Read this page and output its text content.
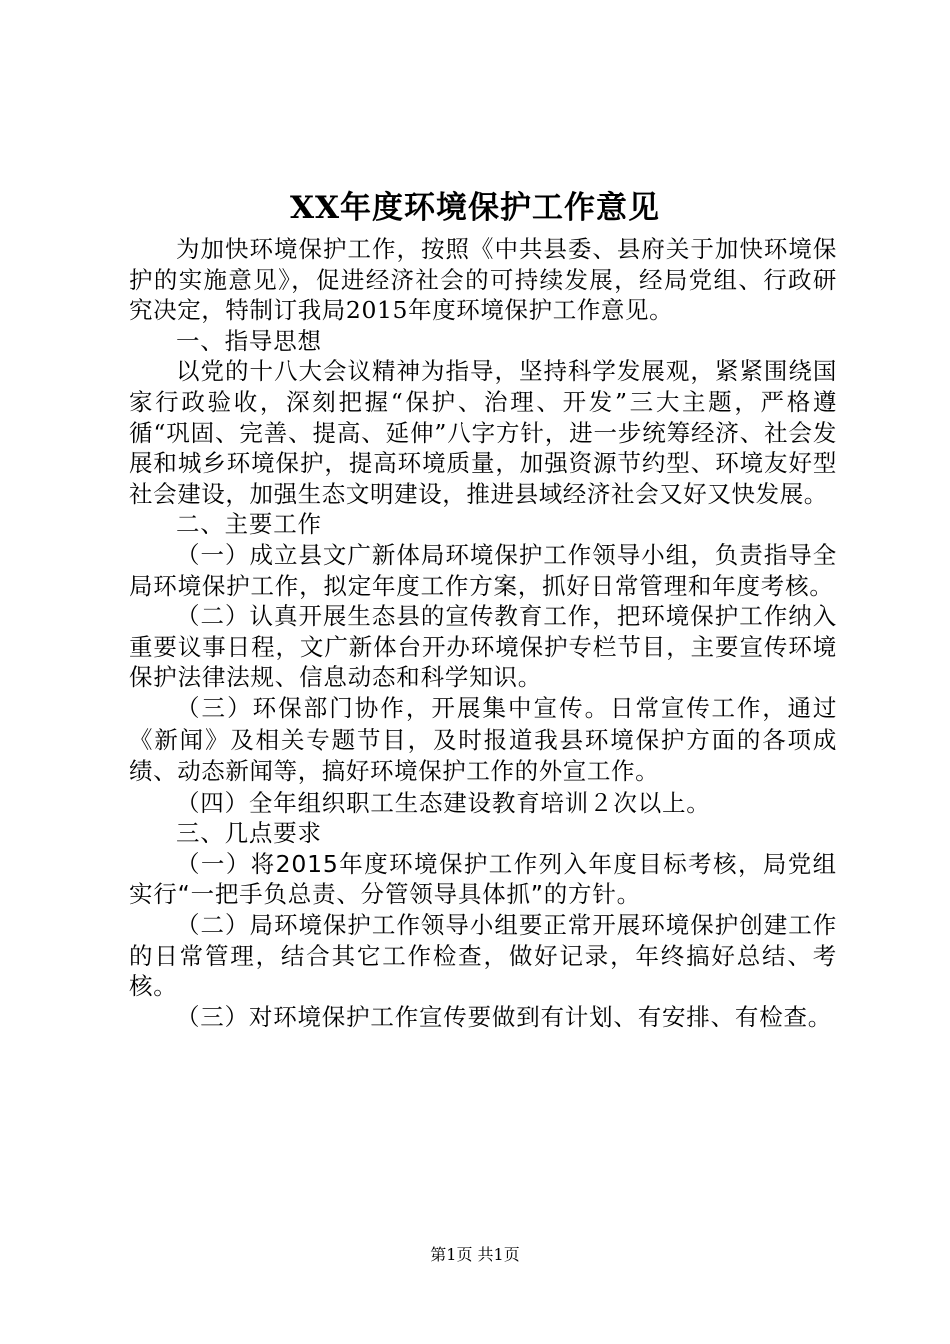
XX年度环境保护工作意见

为加快环境保护工作，按照《中共县委、县府关于加快环境保护的实施意见》，促进经济社会的可持续发展，经局党组、行政研究决定，特制订我局2015年度环境保护工作意见。

一、指导思想

以党的十八大会议精神为指导，坚持科学发展观，紧紧围绕国家行政验收，深刻把握“保护、治理、开发”三大主题，严格遵循“巩固、完善、提高、延伸”八字方针，进一步统筹经济、社会发展和城乡环境保护，提高环境质量，加强资源节约型、环境友好型社会建设，加强生态文明建设，推进县域经济社会又好又快发展。

二、主要工作

（一）成立县文广新体局环境保护工作领导小组，负责指导全局环境保护工作，拟定年度工作方案，抓好日常管理和年度考核。

（二）认真开展生态县的宣传教育工作，把环境保护工作纳入重要议事日程，文广新体台开办环境保护专栏节目，主要宣传环境保护法律法规、信息动态和科学知识。

（三）环保部门协作，开展集中宣传。日常宣传工作，通过《新闻》及相关专题节目，及时报道我县环境保护方面的各项成绩、动态新闻等，搞好环境保护工作的外宣工作。

（四）全年组织职工生态建设教育培训２次以上。

三、几点要求

（一）将2015年度环境保护工作列入年度目标考核，局党组实行“一把手负总责、分管领导具体抓”的方针。

（二）局环境保护工作领导小组要正常开展环境保护创建工作的日常管理，结合其它工作检查，做好记录，年终搞好总结、考核。

（三）对环境保护工作宣传要做到有计划、有安排、有检查。

第1页 共1页
